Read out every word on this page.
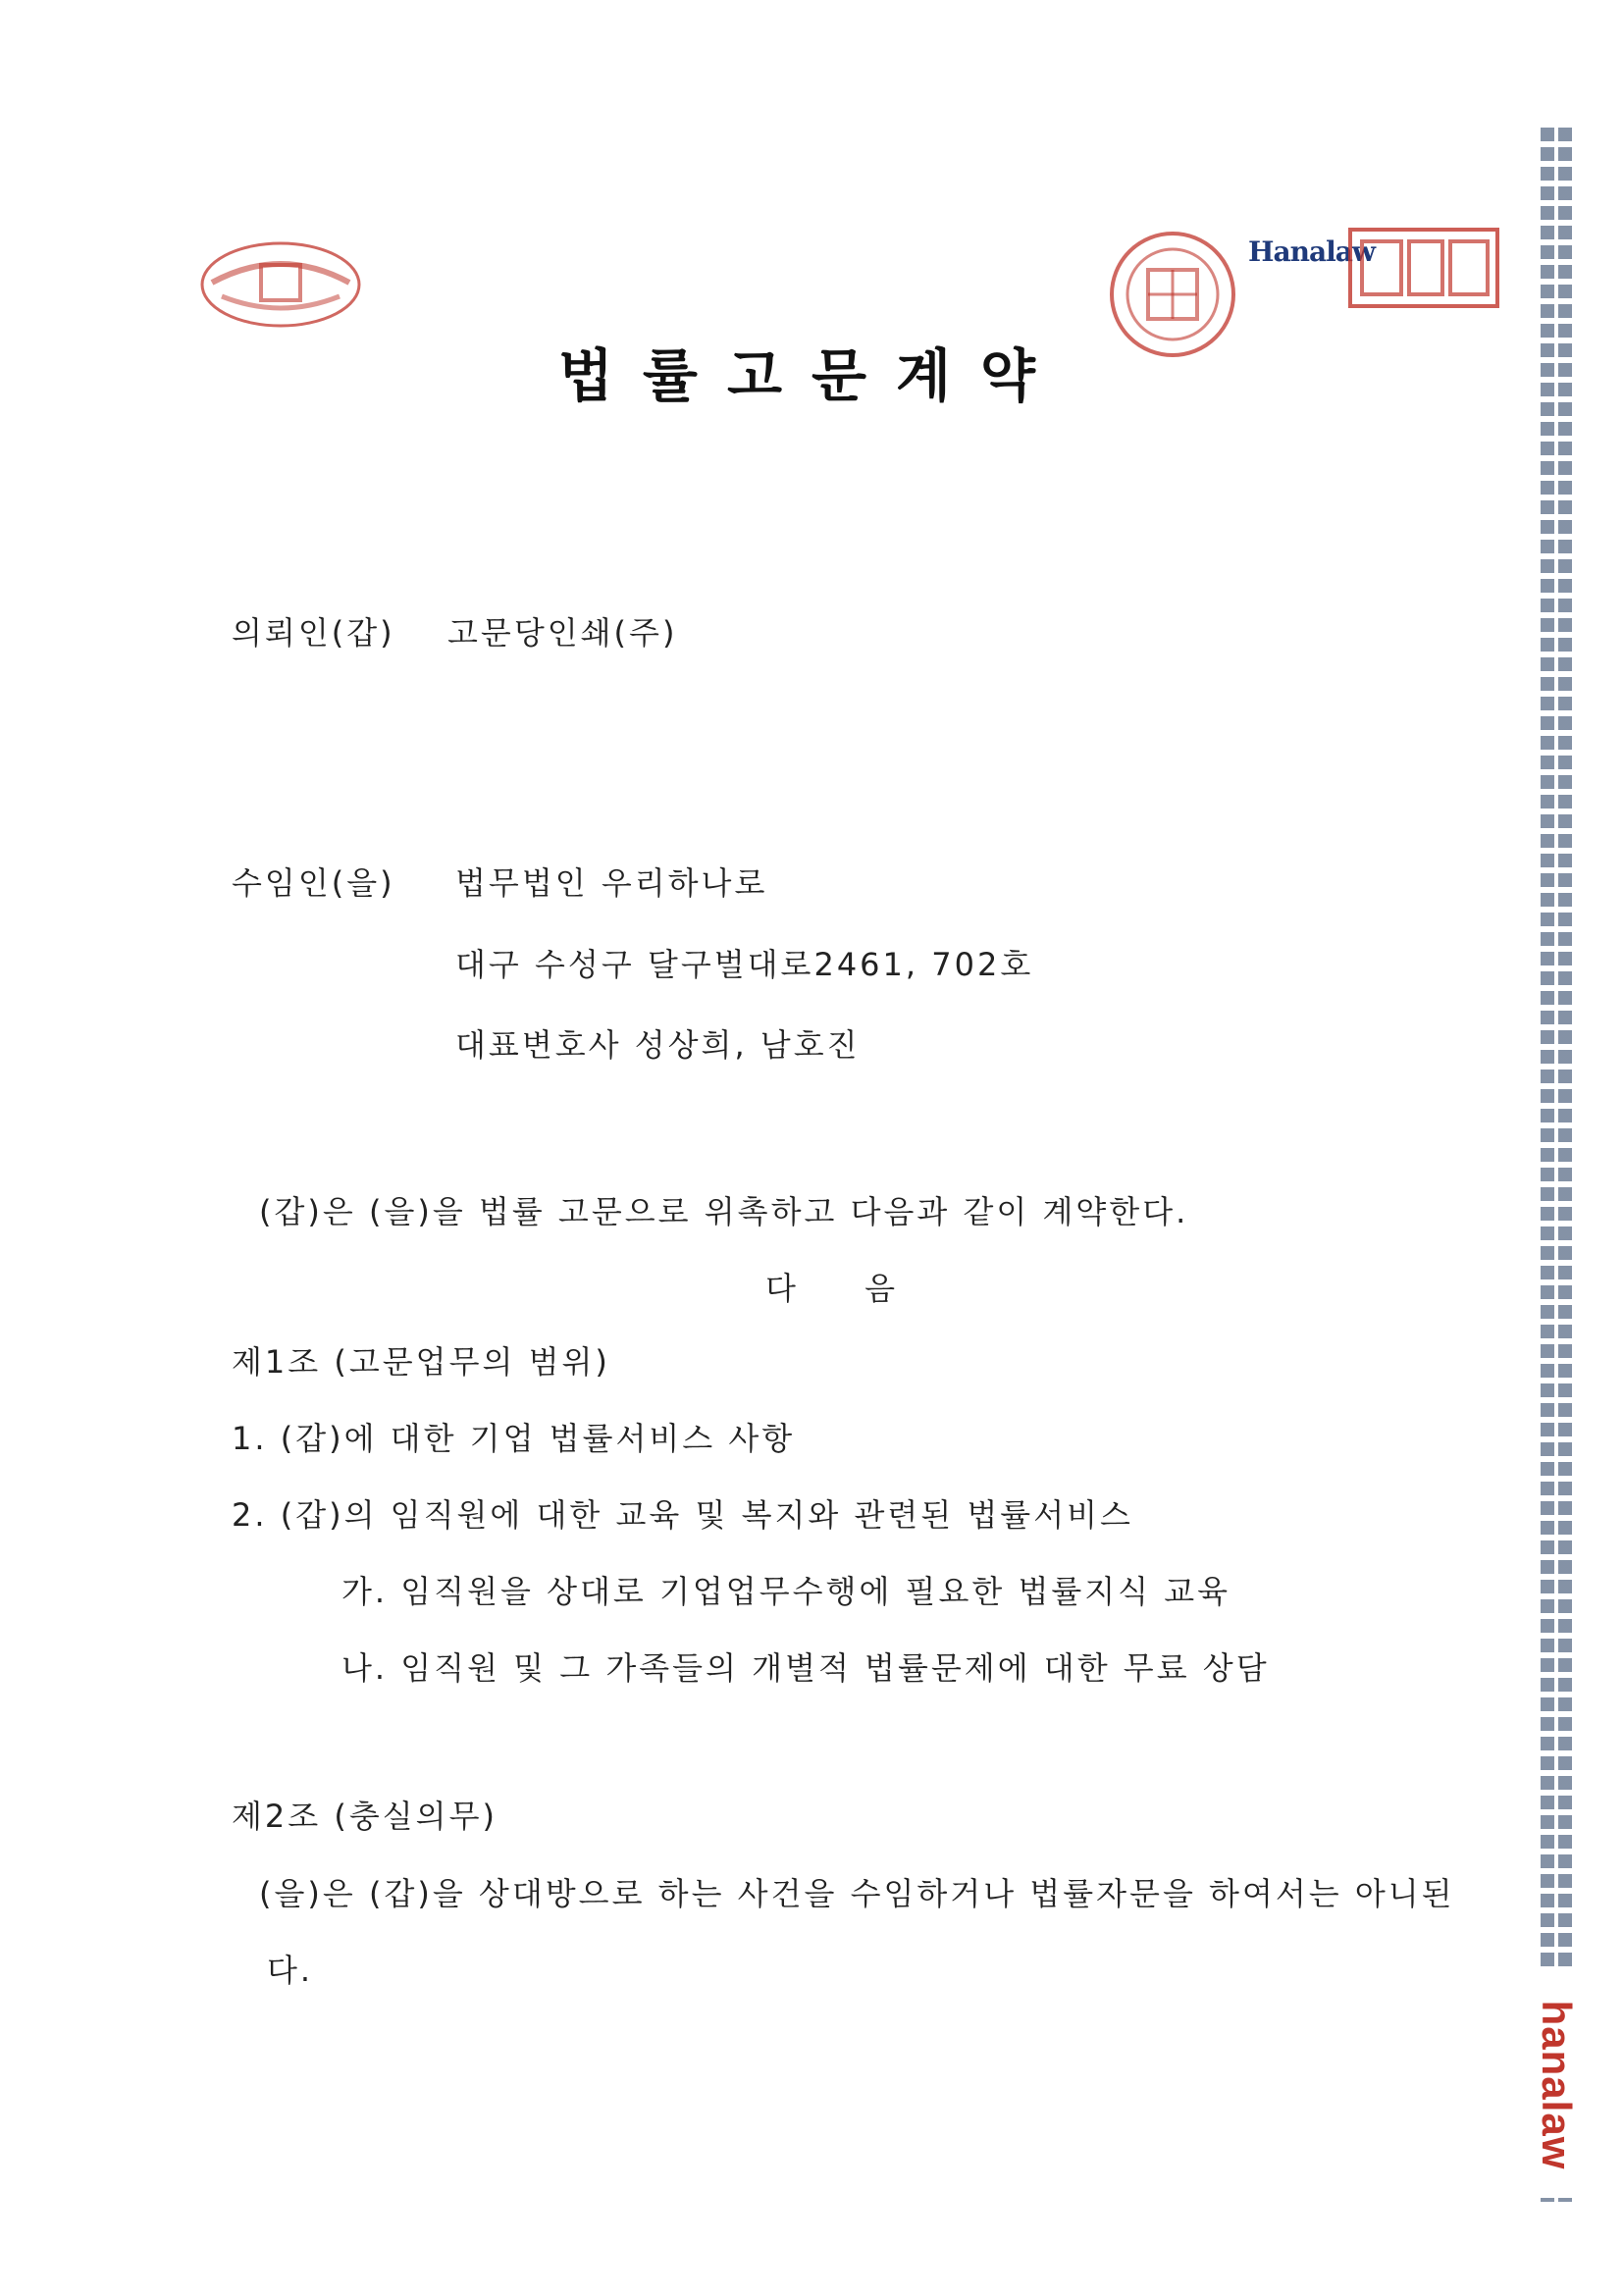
Hanalaw
hanalaw
법률고문계약
의뢰인(갑) 고문당인쇄(주)
수임인(을) 법무법인 우리하나로
대구 수성구 달구벌대로2461, 702호
대표변호사 성상희, 남호진
(갑)은 (을)을 법률 고문으로 위촉하고 다음과 같이 계약한다.
다 음
제1조 (고문업무의 범위)
1. (갑)에 대한 기업 법률서비스 사항
2. (갑)의 임직원에 대한 교육 및 복지와 관련된 법률서비스
가. 임직원을 상대로 기업업무수행에 필요한 법률지식 교육
나. 임직원 및 그 가족들의 개별적 법률문제에 대한 무료 상담
제2조 (충실의무)
(을)은 (갑)을 상대방으로 하는 사건을 수임하거나 법률자문을 하여서는 아니된
다.
